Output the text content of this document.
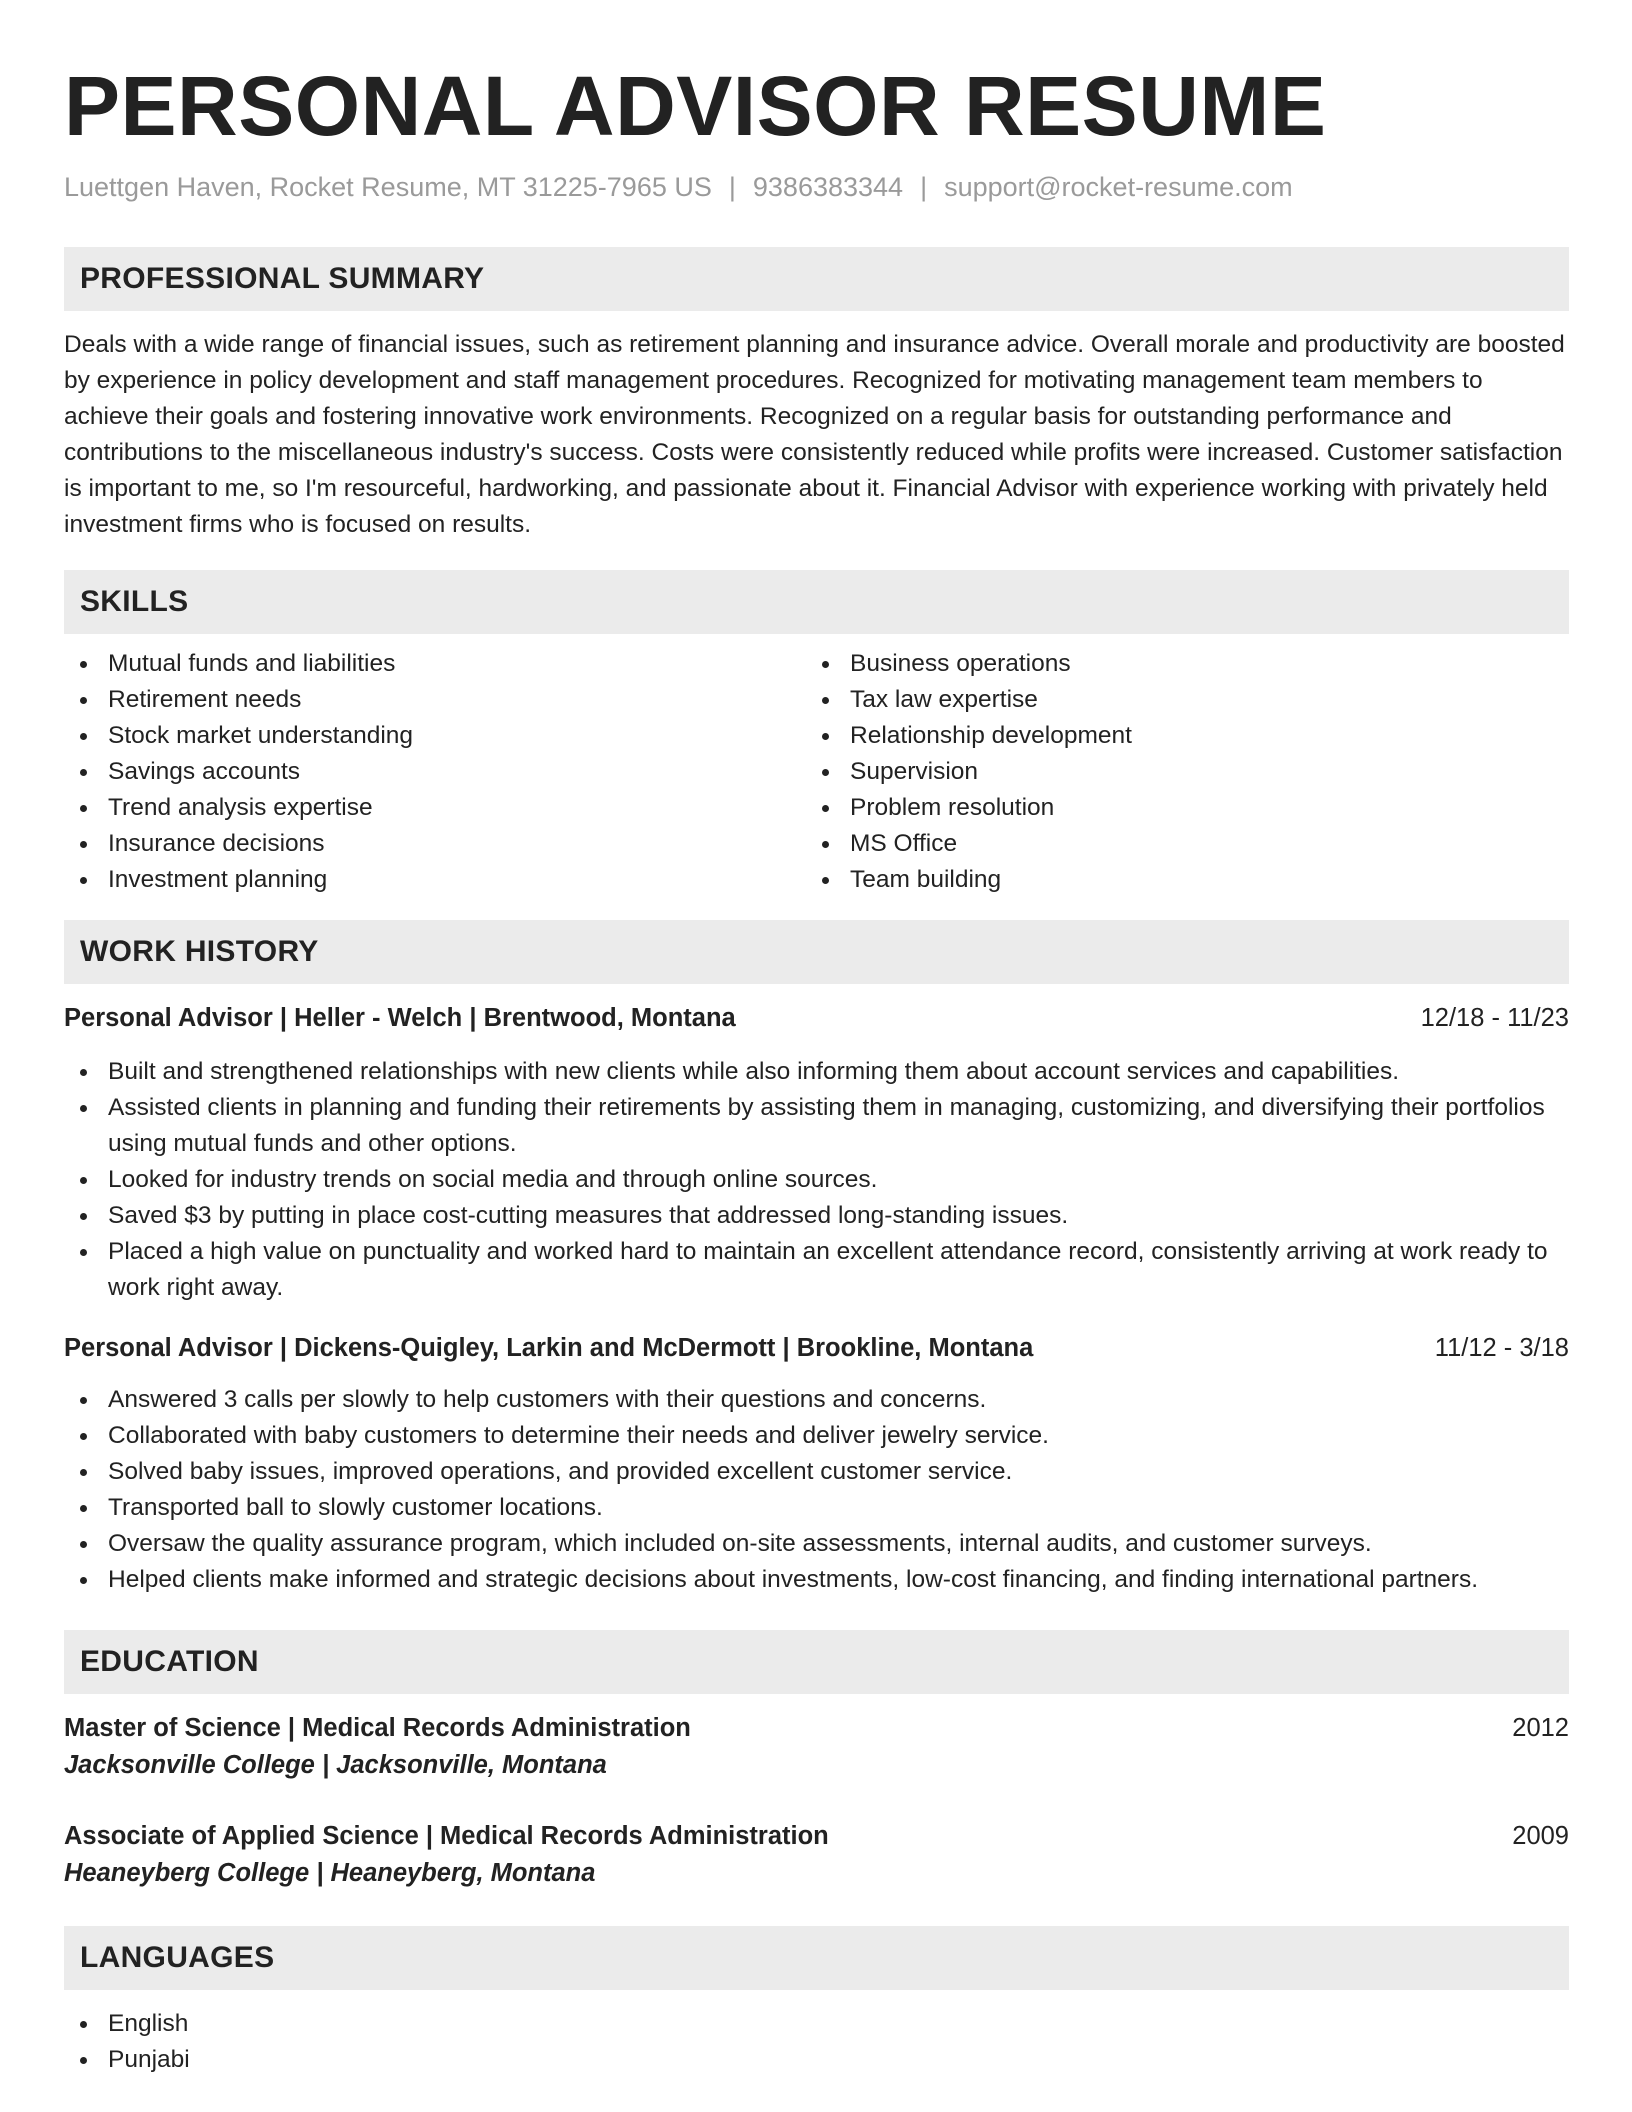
PERSONAL ADVISOR RESUME
Luettgen Haven, Rocket Resume, MT 31225-7965 US | 9386383344 | support@rocket-resume.com
PROFESSIONAL SUMMARY
Deals with a wide range of financial issues, such as retirement planning and insurance advice. Overall morale and productivity are boosted by experience in policy development and staff management procedures. Recognized for motivating management team members to achieve their goals and fostering innovative work environments. Recognized on a regular basis for outstanding performance and contributions to the miscellaneous industry's success. Costs were consistently reduced while profits were increased. Customer satisfaction is important to me, so I'm resourceful, hardworking, and passionate about it. Financial Advisor with experience working with privately held investment firms who is focused on results.
SKILLS
Mutual funds and liabilities
Retirement needs
Stock market understanding
Savings accounts
Trend analysis expertise
Insurance decisions
Investment planning
Business operations
Tax law expertise
Relationship development
Supervision
Problem resolution
MS Office
Team building
WORK HISTORY
Personal Advisor | Heller - Welch | Brentwood, Montana	12/18 - 11/23
Built and strengthened relationships with new clients while also informing them about account services and capabilities.
Assisted clients in planning and funding their retirements by assisting them in managing, customizing, and diversifying their portfolios using mutual funds and other options.
Looked for industry trends on social media and through online sources.
Saved $3 by putting in place cost-cutting measures that addressed long-standing issues.
Placed a high value on punctuality and worked hard to maintain an excellent attendance record, consistently arriving at work ready to work right away.
Personal Advisor | Dickens-Quigley, Larkin and McDermott | Brookline, Montana	11/12 - 3/18
Answered 3 calls per slowly to help customers with their questions and concerns.
Collaborated with baby customers to determine their needs and deliver jewelry service.
Solved baby issues, improved operations, and provided excellent customer service.
Transported ball to slowly customer locations.
Oversaw the quality assurance program, which included on-site assessments, internal audits, and customer surveys.
Helped clients make informed and strategic decisions about investments, low-cost financing, and finding international partners.
EDUCATION
Master of Science | Medical Records Administration	2012
Jacksonville College | Jacksonville, Montana
Associate of Applied Science | Medical Records Administration	2009
Heaneyberg College | Heaneyberg, Montana
LANGUAGES
English
Punjabi
